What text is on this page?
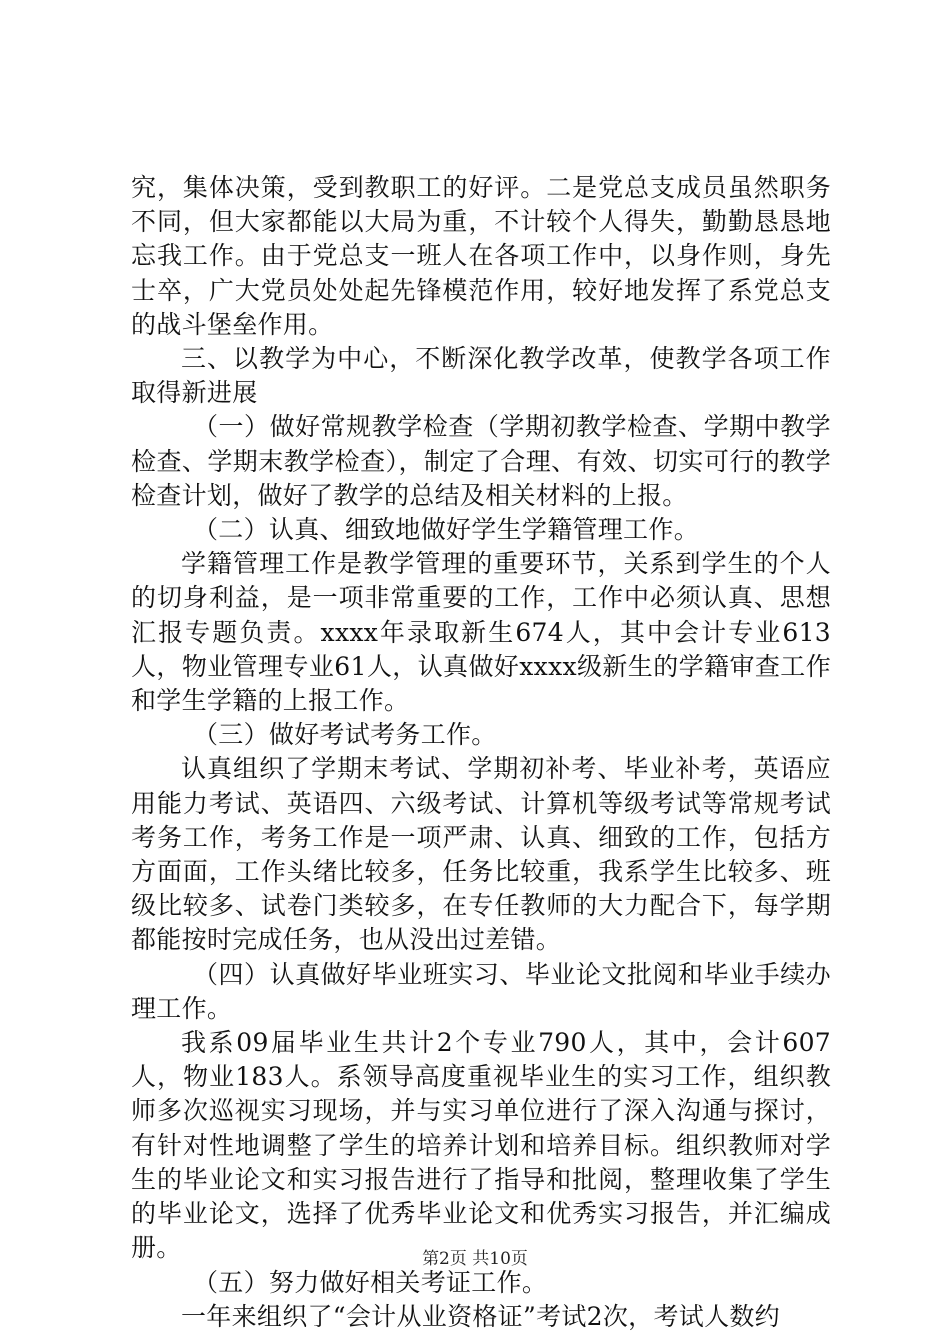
究，集体决策，受到教职工的好评。二是党总支成员虽然职务不同，但大家都能以大局为重，不计较个人得失，勤勤恳恳地忘我工作。由于党总支一班人在各项工作中，以身作则，身先士卒，广大党员处处起先锋模范作用，较好地发挥了系党总支的战斗堡垒作用。

三、以教学为中心，不断深化教学改革，使教学各项工作取得新进展

（一）做好常规教学检查（学期初教学检查、学期中教学检查、学期末教学检查），制定了合理、有效、切实可行的教学检查计划，做好了教学的总结及相关材料的上报。

（二）认真、细致地做好学生学籍管理工作。

学籍管理工作是教学管理的重要环节，关系到学生的个人的切身利益，是一项非常重要的工作，工作中必须认真、思想汇报专题负责。xxxx年录取新生674人，其中会计专业613人，物业管理专业61人，认真做好xxxx级新生的学籍审查工作和学生学籍的上报工作。

（三）做好考试考务工作。

认真组织了学期末考试、学期初补考、毕业补考，英语应用能力考试、英语四、六级考试、计算机等级考试等常规考试考务工作，考务工作是一项严肃、认真、细致的工作，包括方方面面，工作头绪比较多，任务比较重，我系学生比较多、班级比较多、试卷门类较多，在专任教师的大力配合下，每学期都能按时完成任务，也从没出过差错。

（四）认真做好毕业班实习、毕业论文批阅和毕业手续办理工作。

我系09届毕业生共计2个专业790人，其中，会计607人，物业183人。系领导高度重视毕业生的实习工作，组织教师多次巡视实习现场，并与实习单位进行了深入沟通与探讨，有针对性地调整了学生的培养计划和培养目标。组织教师对学生的毕业论文和实习报告进行了指导和批阅，整理收集了学生的毕业论文，选择了优秀毕业论文和优秀实习报告，并汇编成册。

（五）努力做好相关考证工作。

一年来组织了“会计从业资格证”考试2次，考试人数约

第2页 共10页
